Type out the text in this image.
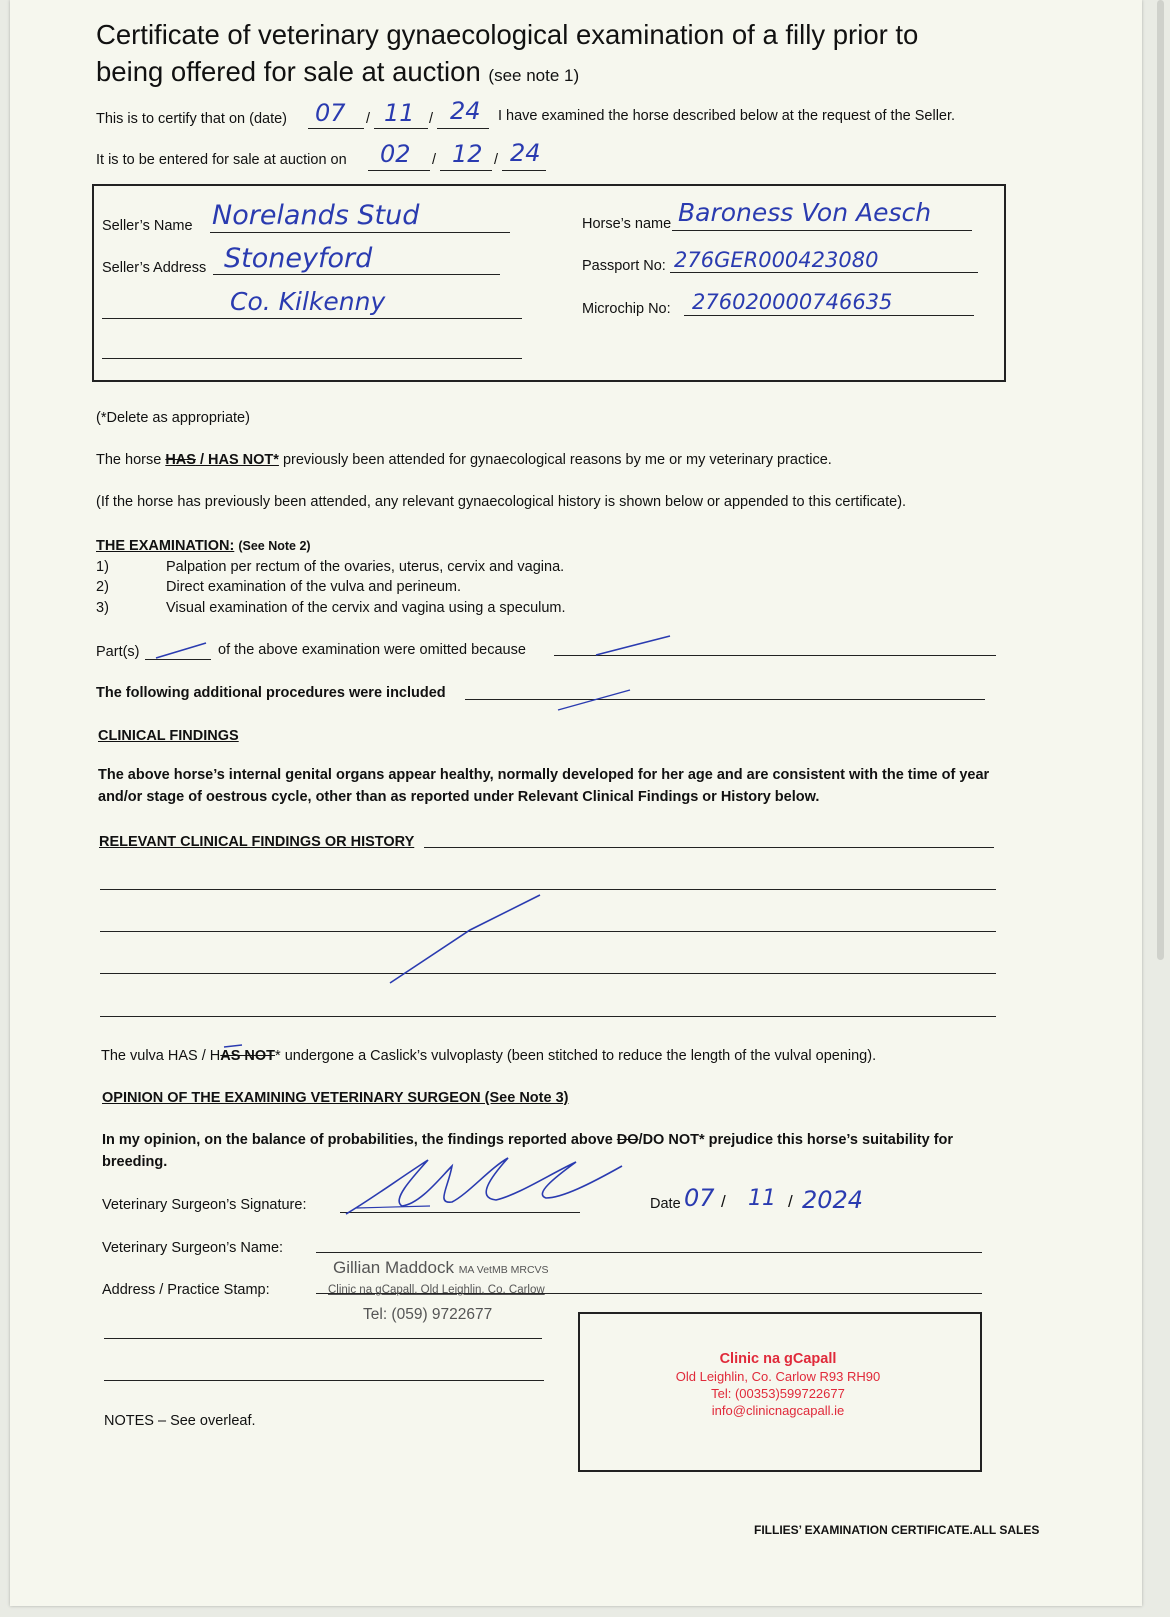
Certificate of veterinary gynaecological examination of a filly prior to
being offered for sale at auction (see note 1)
This is to certify that on (date) 07 / 11 / 24 I have examined the horse described below at the request of the Seller.
It is to be entered for sale at auction on 02 / 12 / 24
Seller’s Name Norelands Stud
Seller’s Address Stoneyford
Co. Kilkenny
Horse’s name Baroness Von Aesch
Passport No: 276GER000423080
Microchip No: 276020000746635
(*Delete as appropriate)
The horse HAS / HAS NOT* previously been attended for gynaecological reasons by me or my veterinary practice.
(If the horse has previously been attended, any relevant gynaecological history is shown below or appended to this certificate).
THE EXAMINATION: (See Note 2)
1)	Palpation per rectum of the ovaries, uterus, cervix and vagina.
2)	Direct examination of the vulva and perineum.
3)	Visual examination of the cervix and vagina using a speculum.
Part(s)	of the above examination were omitted because
The following additional procedures were included
CLINICAL FINDINGS
The above horse’s internal genital organs appear healthy, normally developed for her age and are consistent with the time of year
and/or stage of oestrous cycle, other than as reported under Relevant Clinical Findings or History below.
RELEVANT CLINICAL FINDINGS OR HISTORY
The vulva HAS / HAS NOT* undergone a Caslick’s vulvoplasty (been stitched to reduce the length of the vulval opening).
OPINION OF THE EXAMINING VETERINARY SURGEON (See Note 3)
In my opinion, on the balance of probabilities, the findings reported above DO/DO NOT* prejudice this horse’s suitability for
breeding.
Veterinary Surgeon’s Signature:	Date 07 / 11 / 2024
Veterinary Surgeon’s Name:
Address / Practice Stamp:
Gillian Maddock MA VetMB MRCVS
Clinic na gCapall, Old Leighlin, Co. Carlow
Tel: (059) 9722677
Clinic na gCapall
Old Leighlin, Co. Carlow R93 RH90
Tel: (00353)599722677
info@clinicnagcapall.ie
NOTES – See overleaf.
FILLIES’ EXAMINATION CERTIFICATE.ALL SALES
